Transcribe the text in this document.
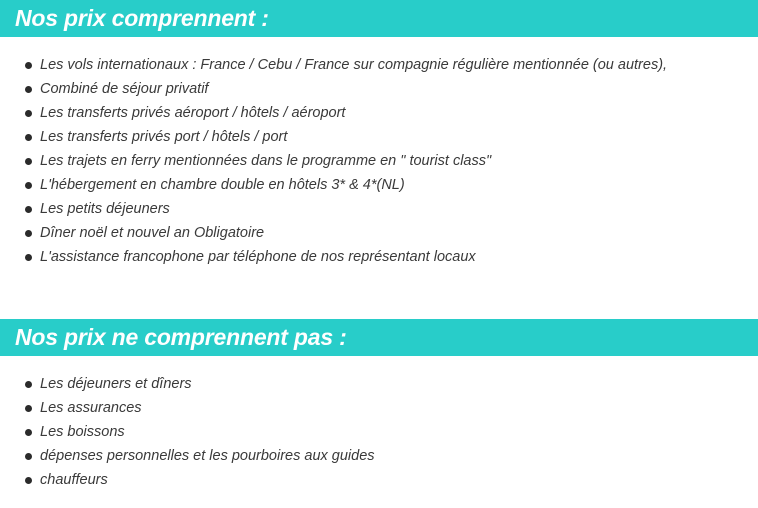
Nos prix comprennent :
Les vols internationaux : France / Cebu / France sur compagnie régulière mentionnée (ou autres),
Combiné de séjour privatif
Les transferts privés aéroport / hôtels / aéroport
Les transferts privés port / hôtels / port
Les trajets en ferry mentionnées dans le programme en " tourist class"
L'hébergement en chambre double en hôtels 3* & 4*(NL)
Les petits déjeuners
Dîner noël et nouvel an Obligatoire
L'assistance francophone par téléphone de nos représentant locaux
Nos prix ne comprennent pas :
Les déjeuners et dîners
Les assurances
Les boissons
dépenses personnelles et les pourboires aux guides
chauffeurs
